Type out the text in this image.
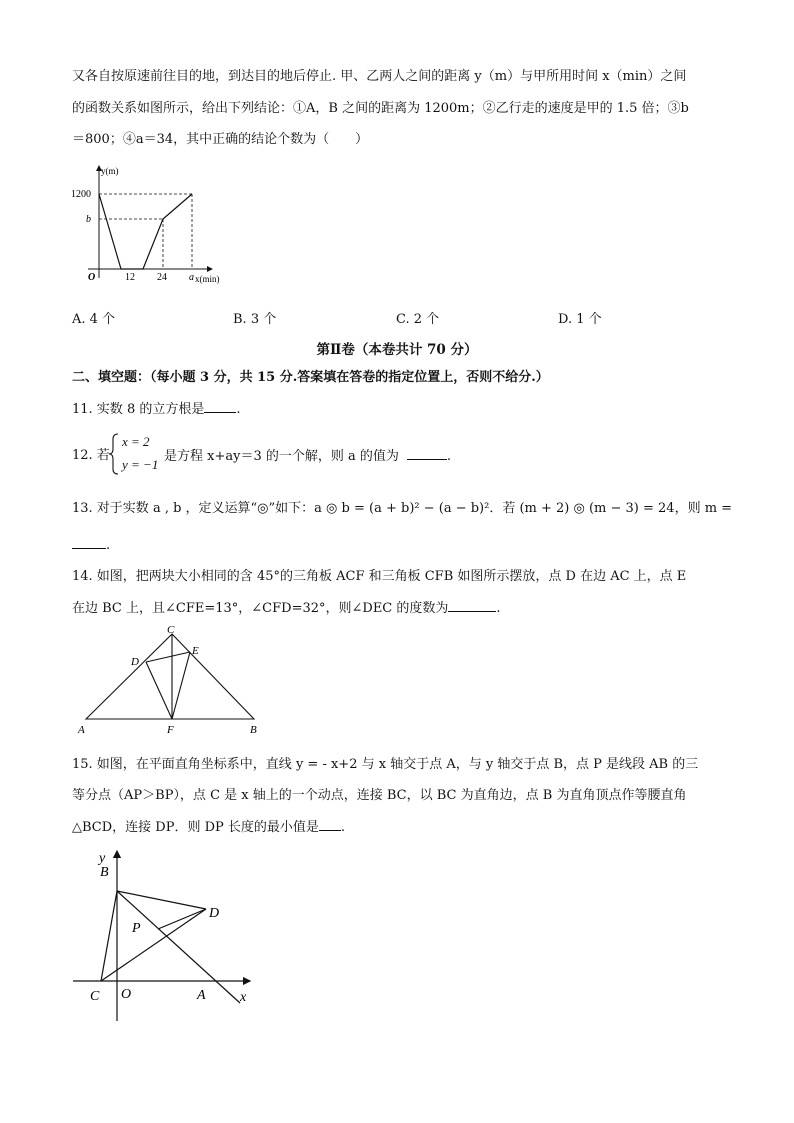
又各自按原速前往目的地，到达目的地后停止. 甲、乙两人之间的距离 y（m）与甲所用时间 x（min）之间
的函数关系如图所示，给出下列结论：①A，B 之间的距离为 1200m；②乙行走的速度是甲的 1.5 倍；③b
＝800；④a＝34，其中正确的结论个数为（　　）
y(m)
1200
b
O	12 24 a x(min)
A. 4 个	B. 3 个	C. 2 个	D. 1 个
第Ⅱ卷（本卷共计 70 分）
二、填空题：（每小题 3 分，共 15 分.答案填在答卷的指定位置上，否则不给分.）
11. 实数 8 的立方根是 .
12. 若
x = 2
y = −1
是方程 x+ay＝3 的一个解，则 a 的值为	.
13. 对于实数 a , b ，定义运算“◎”如下：a ◎ b = (a + b)² − (a − b)²．若 (m + 2) ◎ (m − 3) = 24，则 m =
.
14. 如图，把两块大小相同的含 45°的三角板 ACF 和三角板 CFB 如图所示摆放，点 D 在边 AC 上，点 E
在边 BC 上，且∠CFE=13°，∠CFD=32°，则∠DEC 的度数为	.
C
D
E
A	F	B
15. 如图，在平面直角坐标系中，直线 y = - x+2 与 x 轴交于点 A，与 y 轴交于点 B，点 P 是线段 AB 的三
等分点（AP＞BP），点 C 是 x 轴上的一个动点，连接 BC，以 BC 为直角边，点 B 为直角顶点作等腰直角
△BCD，连接 DP．则 DP 长度的最小值是 .
y
B
D
P
C O	A x
